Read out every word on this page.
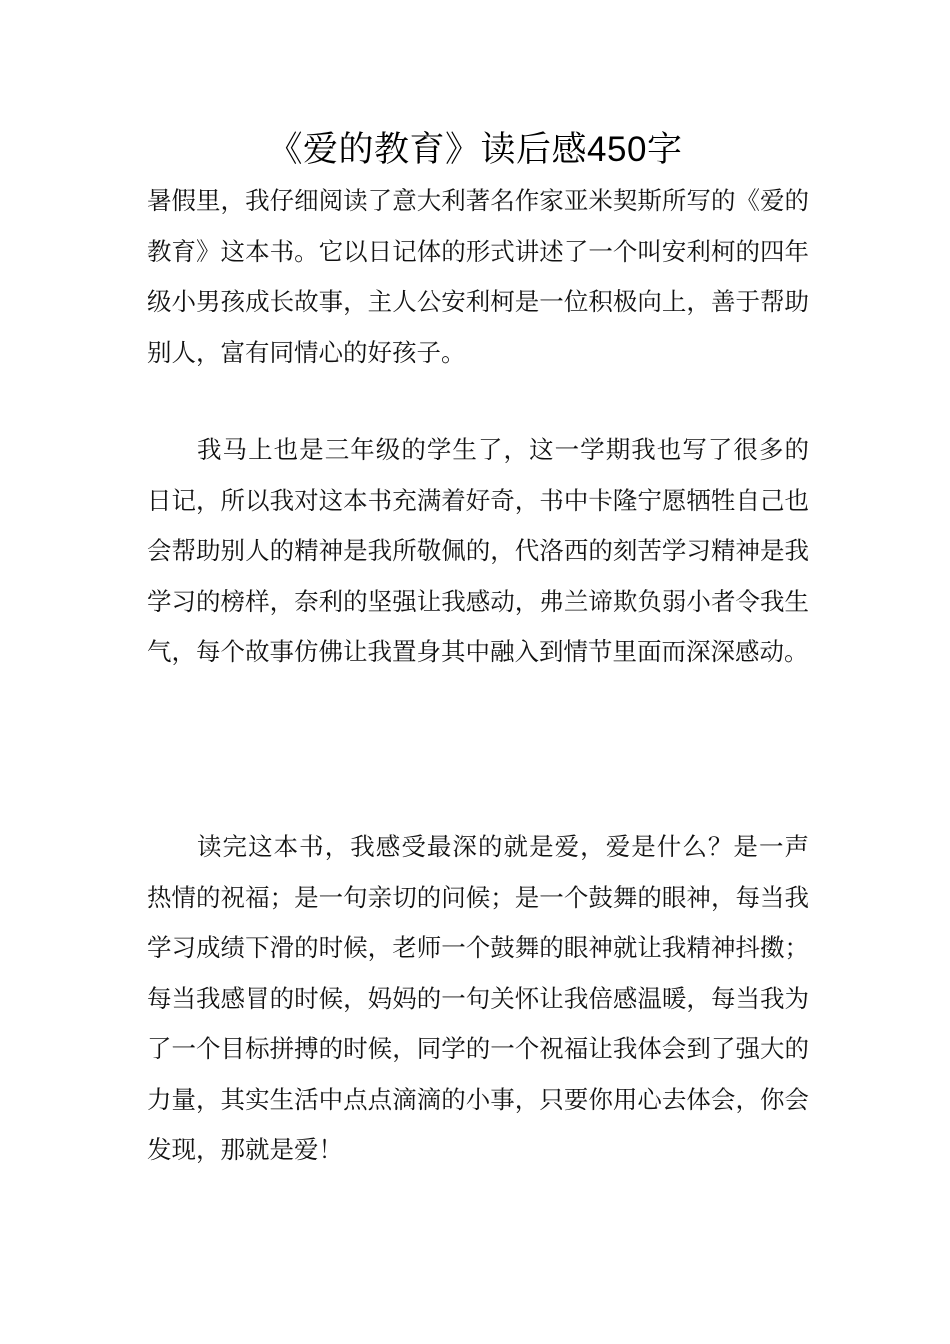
《爱的教育》读后感450字

暑假里，我仔细阅读了意大利著名作家亚米契斯所写的《爱的教育》这本书。它以日记体的形式讲述了一个叫安利柯的四年级小男孩成长故事，主人公安利柯是一位积极向上，善于帮助别人，富有同情心的好孩子。

我马上也是三年级的学生了，这一学期我也写了很多的日记，所以我对这本书充满着好奇，书中卡隆宁愿牺牲自己也会帮助别人的精神是我所敬佩的，代洛西的刻苦学习精神是我学习的榜样，奈利的坚强让我感动，弗兰谛欺负弱小者令我生气，每个故事仿佛让我置身其中融入到情节里面而深深感动。

读完这本书，我感受最深的就是爱，爱是什么？是一声热情的祝福；是一句亲切的问候；是一个鼓舞的眼神，每当我学习成绩下滑的时候，老师一个鼓舞的眼神就让我精神抖擞；每当我感冒的时候，妈妈的一句关怀让我倍感温暖，每当我为了一个目标拼搏的时候，同学的一个祝福让我体会到了强大的力量，其实生活中点点滴滴的小事，只要你用心去体会，你会发现，那就是爱！
